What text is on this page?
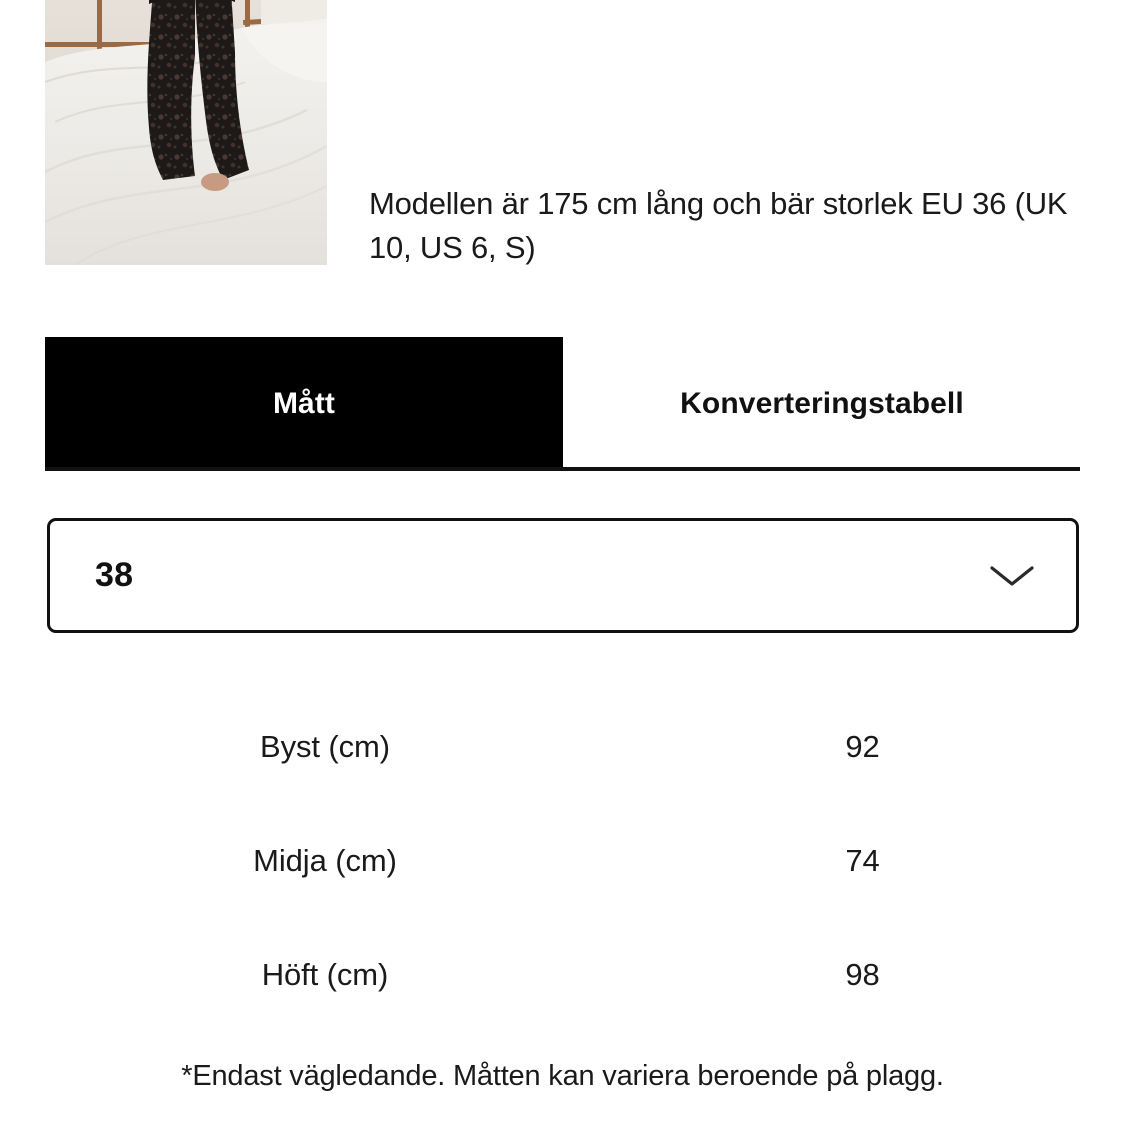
Modellen är 175 cm lång och bär storlek EU 36 (UK 10, US 6, S)
Mått	Konverteringstabell
38
Byst (cm)	92
Midja (cm)	74
Höft (cm)	98
*Endast vägledande. Måtten kan variera beroende på plagg.
